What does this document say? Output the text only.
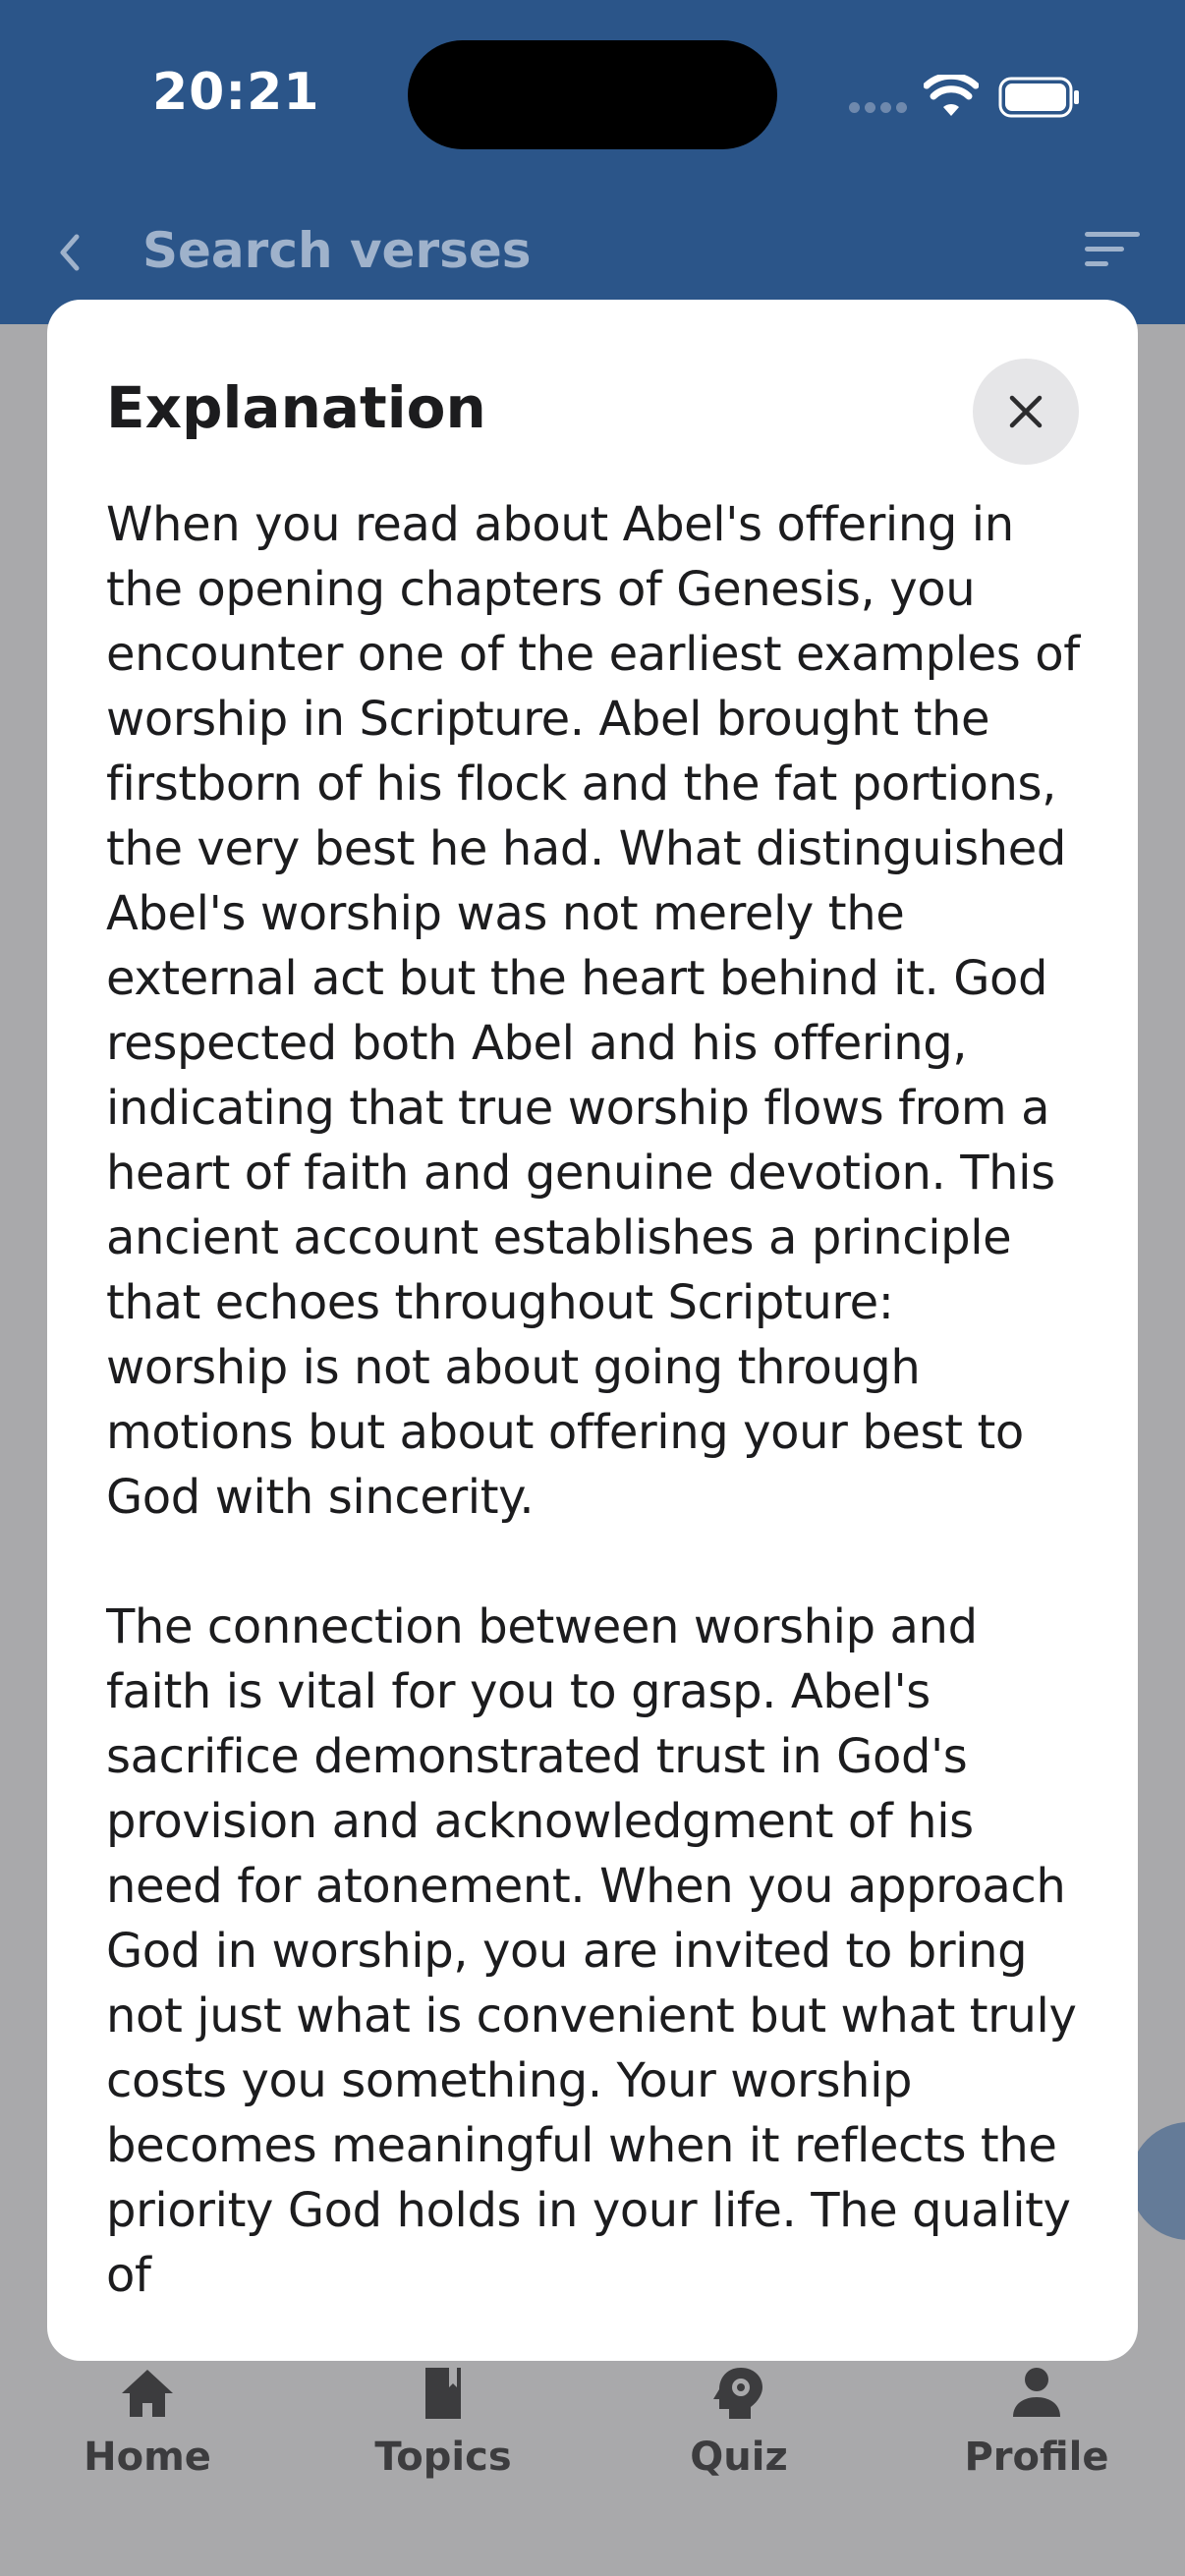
20:21
Search verses
Home	Topics	Quiz	Profile
Explanation

When you read about Abel's offering in the opening chapters of Genesis, you encounter one of the earliest examples of worship in Scripture. Abel brought the firstborn of his flock and the fat portions, the very best he had. What distinguished Abel's worship was not merely the external act but the heart behind it. God respected both Abel and his offering, indicating that true worship flows from a heart of faith and genuine devotion. This ancient account establishes a principle that echoes throughout Scripture: worship is not about going through motions but about offering your best to God with sincerity.

The connection between worship and faith is vital for you to grasp. Abel's sacrifice demonstrated trust in God's provision and acknowledgment of his need for atonement. When you approach God in worship, you are invited to bring not just what is convenient but what truly costs you something. Your worship becomes meaningful when it reflects the priority God holds in your life. The quality of
